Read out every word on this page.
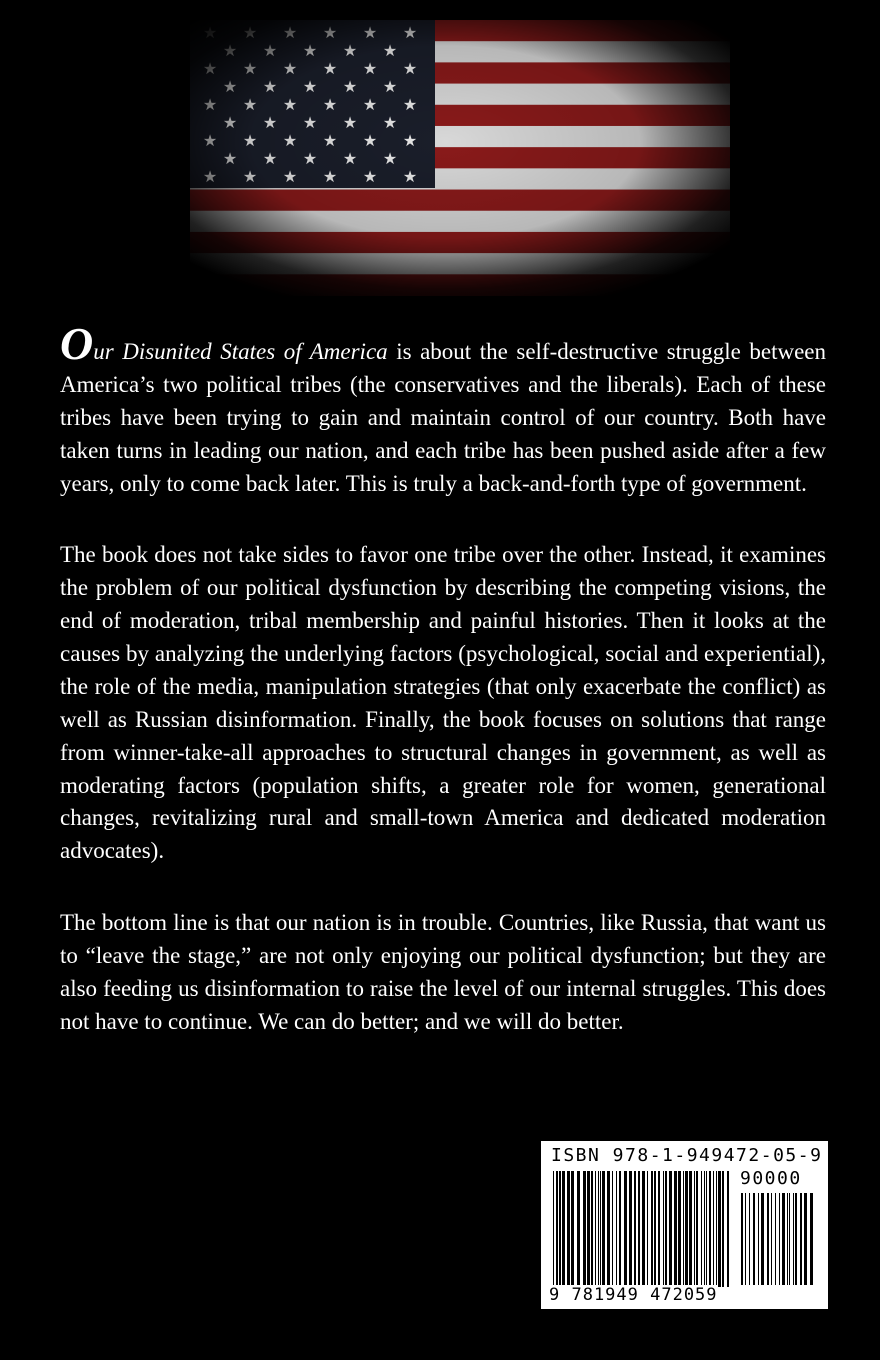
Our Disunited States of America is about the self-destructive struggle between America’s two political tribes (the conservatives and the liberals). Each of these tribes have been trying to gain and maintain control of our country. Both have taken turns in leading our nation, and each tribe has been pushed aside after a few years, only to come back later. This is truly a back-and-forth type of government.

The book does not take sides to favor one tribe over the other. Instead, it examines the problem of our political dysfunction by describing the competing visions, the end of moderation, tribal membership and painful histories. Then it looks at the causes by analyzing the underlying factors (psychological, social and experiential), the role of the media, manipulation strategies (that only exacerbate the conflict) as well as Russian disinformation. Finally, the book focuses on solutions that range from winner-take-all approaches to structural changes in government, as well as moderating factors (population shifts, a greater role for women, generational changes, revitalizing rural and small-town America and dedicated moderation advocates).

The bottom line is that our nation is in trouble. Countries, like Russia, that want us to “leave the stage,” are not only enjoying our political dysfunction; but they are also feeding us disinformation to raise the level of our internal struggles. This does not have to continue. We can do better; and we will do better.

ISBN 978-1-949472-05-9
90000
9 781949 472059
